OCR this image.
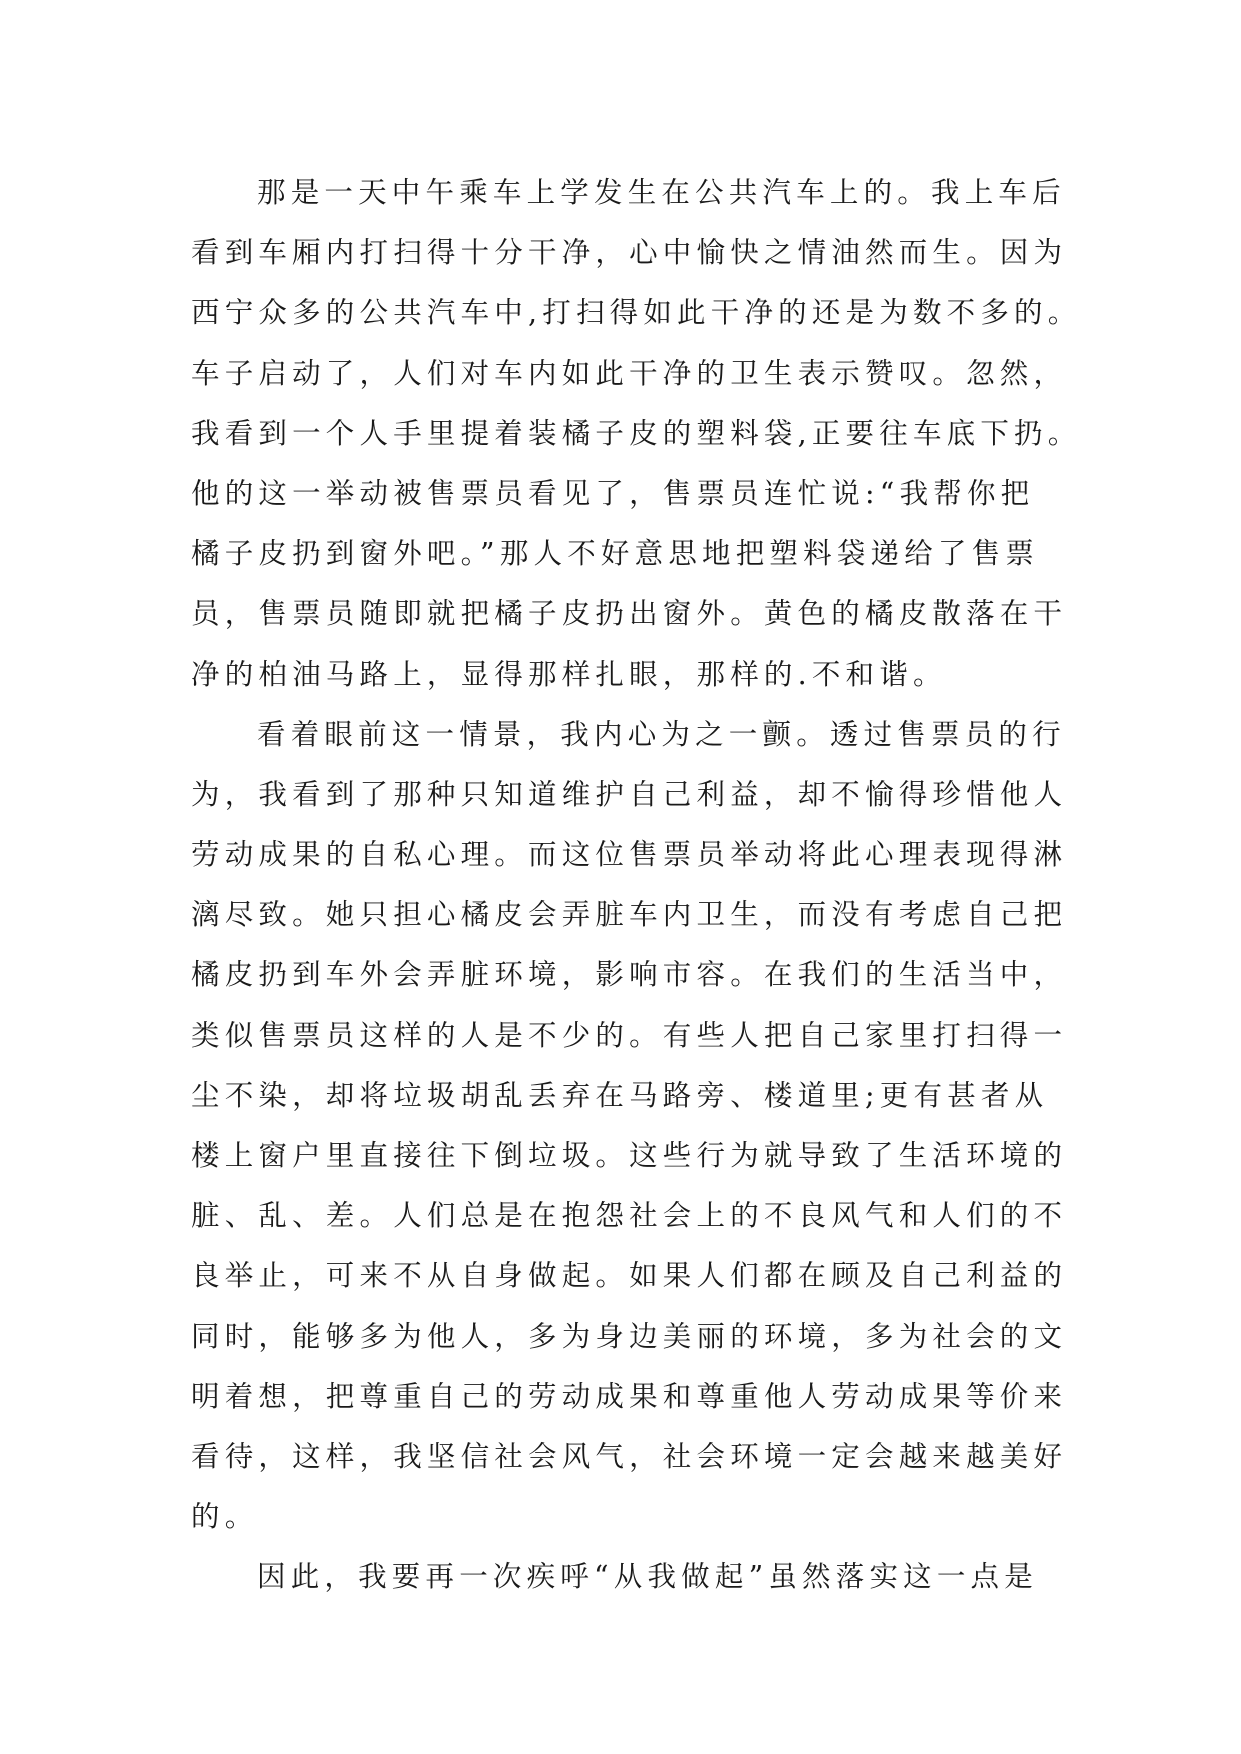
那是一天中午乘车上学发生在公共汽车上的。我上车后
看到车厢内打扫得十分干净，心中愉快之情油然而生。因为
西宁众多的公共汽车中,打扫得如此干净的还是为数不多的。
车子启动了，人们对车内如此干净的卫生表示赞叹。忽然，
我看到一个人手里提着装橘子皮的塑料袋,正要往车底下扔。
他的这一举动被售票员看见了，售票员连忙说:“我帮你把
橘子皮扔到窗外吧。”那人不好意思地把塑料袋递给了售票
员，售票员随即就把橘子皮扔出窗外。黄色的橘皮散落在干
净的柏油马路上，显得那样扎眼，那样的.不和谐。
看着眼前这一情景，我内心为之一颤。透过售票员的行
为，我看到了那种只知道维护自己利益，却不愉得珍惜他人
劳动成果的自私心理。而这位售票员举动将此心理表现得淋
漓尽致。她只担心橘皮会弄脏车内卫生，而没有考虑自己把
橘皮扔到车外会弄脏环境，影响市容。在我们的生活当中，
类似售票员这样的人是不少的。有些人把自己家里打扫得一
尘不染，却将垃圾胡乱丢弃在马路旁、楼道里;更有甚者从
楼上窗户里直接往下倒垃圾。这些行为就导致了生活环境的
脏、乱、差。人们总是在抱怨社会上的不良风气和人们的不
良举止，可来不从自身做起。如果人们都在顾及自己利益的
同时，能够多为他人，多为身边美丽的环境，多为社会的文
明着想，把尊重自己的劳动成果和尊重他人劳动成果等价来
看待，这样，我坚信社会风气，社会环境一定会越来越美好
的。
因此，我要再一次疾呼“从我做起”虽然落实这一点是
